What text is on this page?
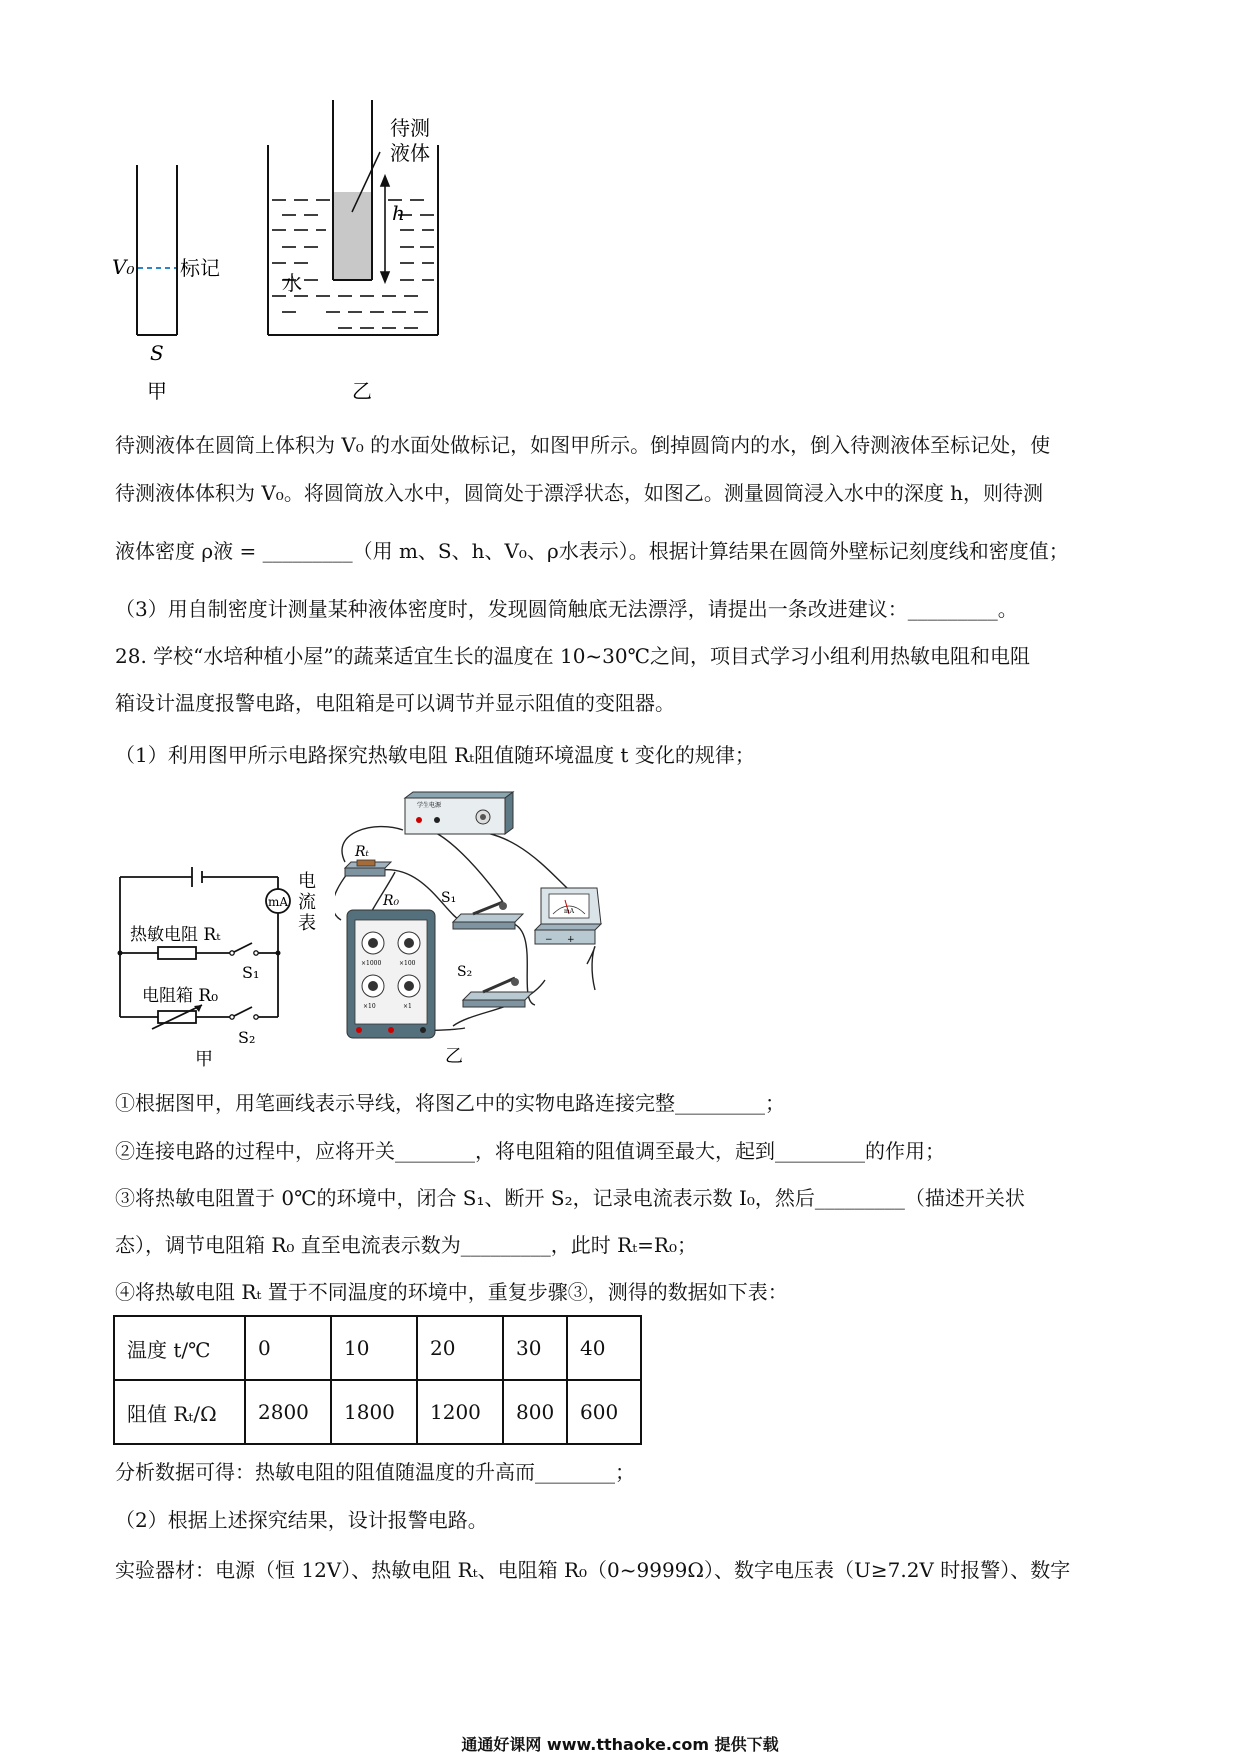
V₀ 标记
S
甲
待测
液体
h
水
乙
待测液体在圆筒上体积为 V₀ 的水面处做标记，如图甲所示。倒掉圆筒内的水，倒入待测液体至标记处，使
待测液体体积为 V₀。将圆筒放入水中，圆筒处于漂浮状态，如图乙。测量圆筒浸入水中的深度 h，则待测
液体密度 ρ液 = _________（用 m、S、h、V₀、ρ水表示）。根据计算结果在圆筒外壁标记刻度线和密度值；
（3）用自制密度计测量某种液体密度时，发现圆筒触底无法漂浮，请提出一条改进建议：_________。
28. 学校“水培种植小屋”的蔬菜适宜生长的温度在 10~30℃之间，项目式学习小组利用热敏电阻和电阻
箱设计温度报警电路，电阻箱是可以调节并显示阻值的变阻器。
（1）利用图甲所示电路探究热敏电阻 Rₜ阻值随环境温度 t 变化的规律；
mA
电
流
表
热敏电阻 Rₜ
电阻箱 R₀
S₁
S₂
甲
学生电源
Rₜ
S₁
S₂
mA
− +
×1000	×100
×10	×1
R₀
乙
①根据图甲，用笔画线表示导线，将图乙中的实物电路连接完整_________；
②连接电路的过程中，应将开关________，将电阻箱的阻值调至最大，起到_________的作用；
③将热敏电阻置于 0℃的环境中，闭合 S₁、断开 S₂，记录电流表示数 I₀，然后_________（描述开关状
态），调节电阻箱 R₀ 直至电流表示数为_________，此时 Rₜ=R₀；
④将热敏电阻 Rₜ 置于不同温度的环境中，重复步骤③，测得的数据如下表：
温度 t/℃	0	10	20	30	40
阻值 Rₜ/Ω	2800	1800	1200	800	600
分析数据可得：热敏电阻的阻值随温度的升高而________；
（2）根据上述探究结果，设计报警电路。
实验器材：电源（恒 12V）、热敏电阻 Rₜ、电阻箱 R₀（0~9999Ω）、数字电压表（U≥7.2V 时报警）、数字
通通好课网 www.tthaoke.com 提供下载
